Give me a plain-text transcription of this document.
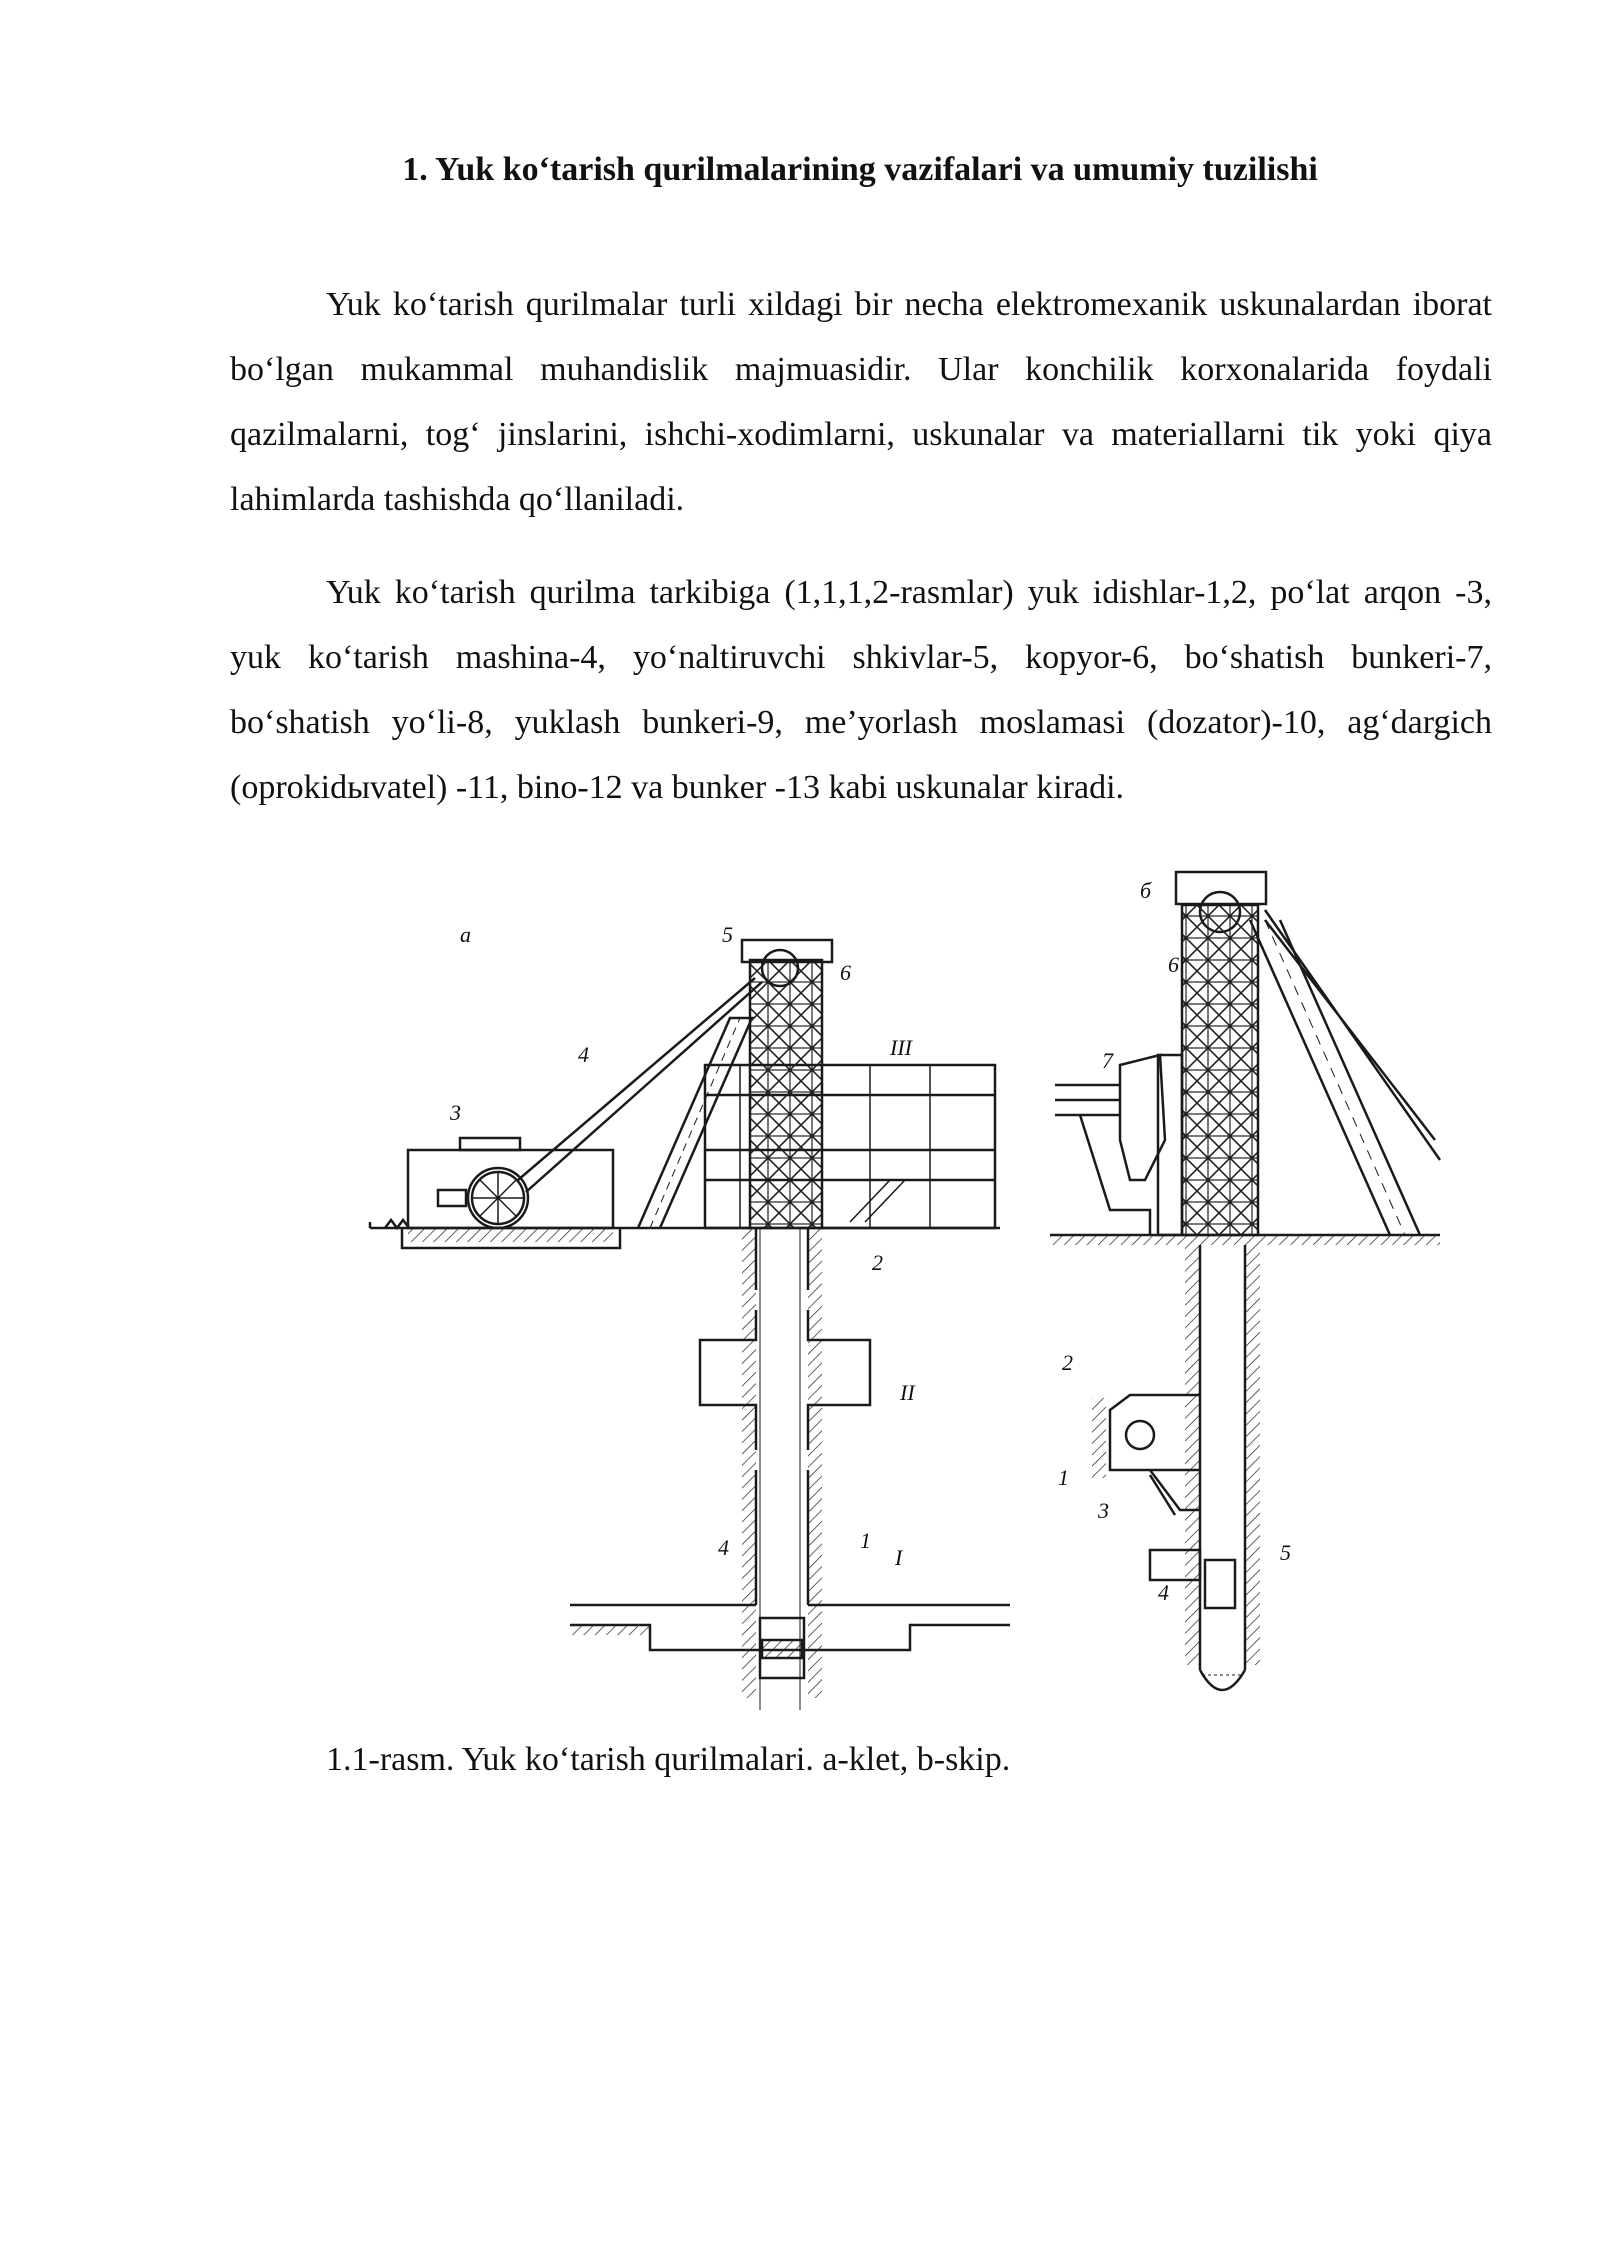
1. Yuk ko‘tarish qurilmalarining vazifalari va umumiy tuzilishi

Yuk ko‘tarish qurilmalar turli xildagi bir necha elektromexanik uskunalardan iborat bo‘lgan mukammal muhandislik majmuasidir. Ular konchilik korxonalarida foydali qazilmalarni, tog‘ jinslarini, ishchi-xodimlarni, uskunalar va materiallarni tik yoki qiya lahimlarda tashishda qo‘llaniladi.

Yuk ko‘tarish qurilma tarkibiga (1,1,1,2-rasmlar) yuk idishlar-1,2, po‘lat arqon -3, yuk ko‘tarish mashina-4, yo‘naltiruvchi shkivlar-5, kopyor-6, bo‘shatish bunkeri-7, bo‘shatish yo‘li-8, yuklash bunkeri-9, me’yorlash moslamasi (dozator)-10, ag‘dargich (oprokidыvatel) -11, bino-12 va bunker -13 kabi uskunalar kiradi.

a	5
6
4
3
III
2
II
4	1
I
б
6
7
2
1
3
5
4

1.1-rasm. Yuk ko‘tarish qurilmalari. a-klet, b-skip.
